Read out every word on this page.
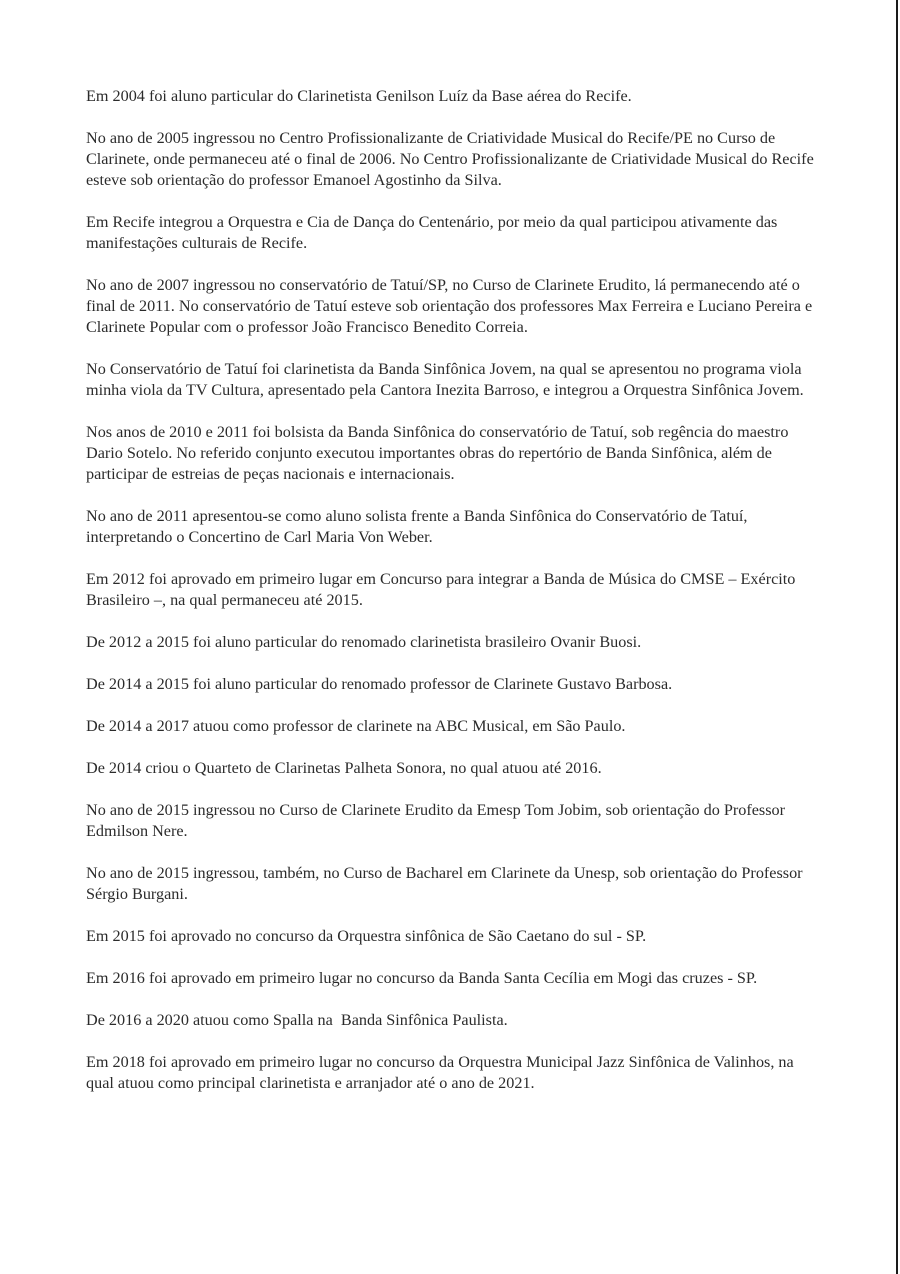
Em 2004 foi aluno particular do Clarinetista Genilson Luíz da Base aérea do Recife.

No ano de 2005 ingressou no Centro Profissionalizante de Criatividade Musical do Recife/PE no Curso de Clarinete, onde permaneceu até o final de 2006. No Centro Profissionalizante de Criatividade Musical do Recife esteve sob orientação do professor Emanoel Agostinho da Silva.

Em Recife integrou a Orquestra e Cia de Dança do Centenário, por meio da qual participou ativamente das manifestações culturais de Recife.

No ano de 2007 ingressou no conservatório de Tatuí/SP, no Curso de Clarinete Erudito, lá permanecendo até o final de 2011. No conservatório de Tatuí esteve sob orientação dos professores Max Ferreira e Luciano Pereira e Clarinete Popular com o professor João Francisco Benedito Correia.

No Conservatório de Tatuí foi clarinetista da Banda Sinfônica Jovem, na qual se apresentou no programa viola minha viola da TV Cultura, apresentado pela Cantora Inezita Barroso, e integrou a Orquestra Sinfônica Jovem.

Nos anos de 2010 e 2011 foi bolsista da Banda Sinfônica do conservatório de Tatuí, sob regência do maestro Dario Sotelo. No referido conjunto executou importantes obras do repertório de Banda Sinfônica, além de participar de estreias de peças nacionais e internacionais.

No ano de 2011 apresentou-se como aluno solista frente a Banda Sinfônica do Conservatório de Tatuí, interpretando o Concertino de Carl Maria Von Weber.

Em 2012 foi aprovado em primeiro lugar em Concurso para integrar a Banda de Música do CMSE – Exército Brasileiro –, na qual permaneceu até 2015.

De 2012 a 2015 foi aluno particular do renomado clarinetista brasileiro Ovanir Buosi.

De 2014 a 2015 foi aluno particular do renomado professor de Clarinete Gustavo Barbosa.

De 2014 a 2017 atuou como professor de clarinete na ABC Musical, em São Paulo.

De 2014 criou o Quarteto de Clarinetas Palheta Sonora, no qual atuou até 2016.

No ano de 2015 ingressou no Curso de Clarinete Erudito da Emesp Tom Jobim, sob orientação do Professor Edmilson Nere.

No ano de 2015 ingressou, também, no Curso de Bacharel em Clarinete da Unesp, sob orientação do Professor Sérgio Burgani.

Em 2015 foi aprovado no concurso da Orquestra sinfônica de São Caetano do sul - SP.

Em 2016 foi aprovado em primeiro lugar no concurso da Banda Santa Cecília em Mogi das cruzes - SP.

De 2016 a 2020 atuou como Spalla na  Banda Sinfônica Paulista.

Em 2018 foi aprovado em primeiro lugar no concurso da Orquestra Municipal Jazz Sinfônica de Valinhos, na qual atuou como principal clarinetista e arranjador até o ano de 2021.
